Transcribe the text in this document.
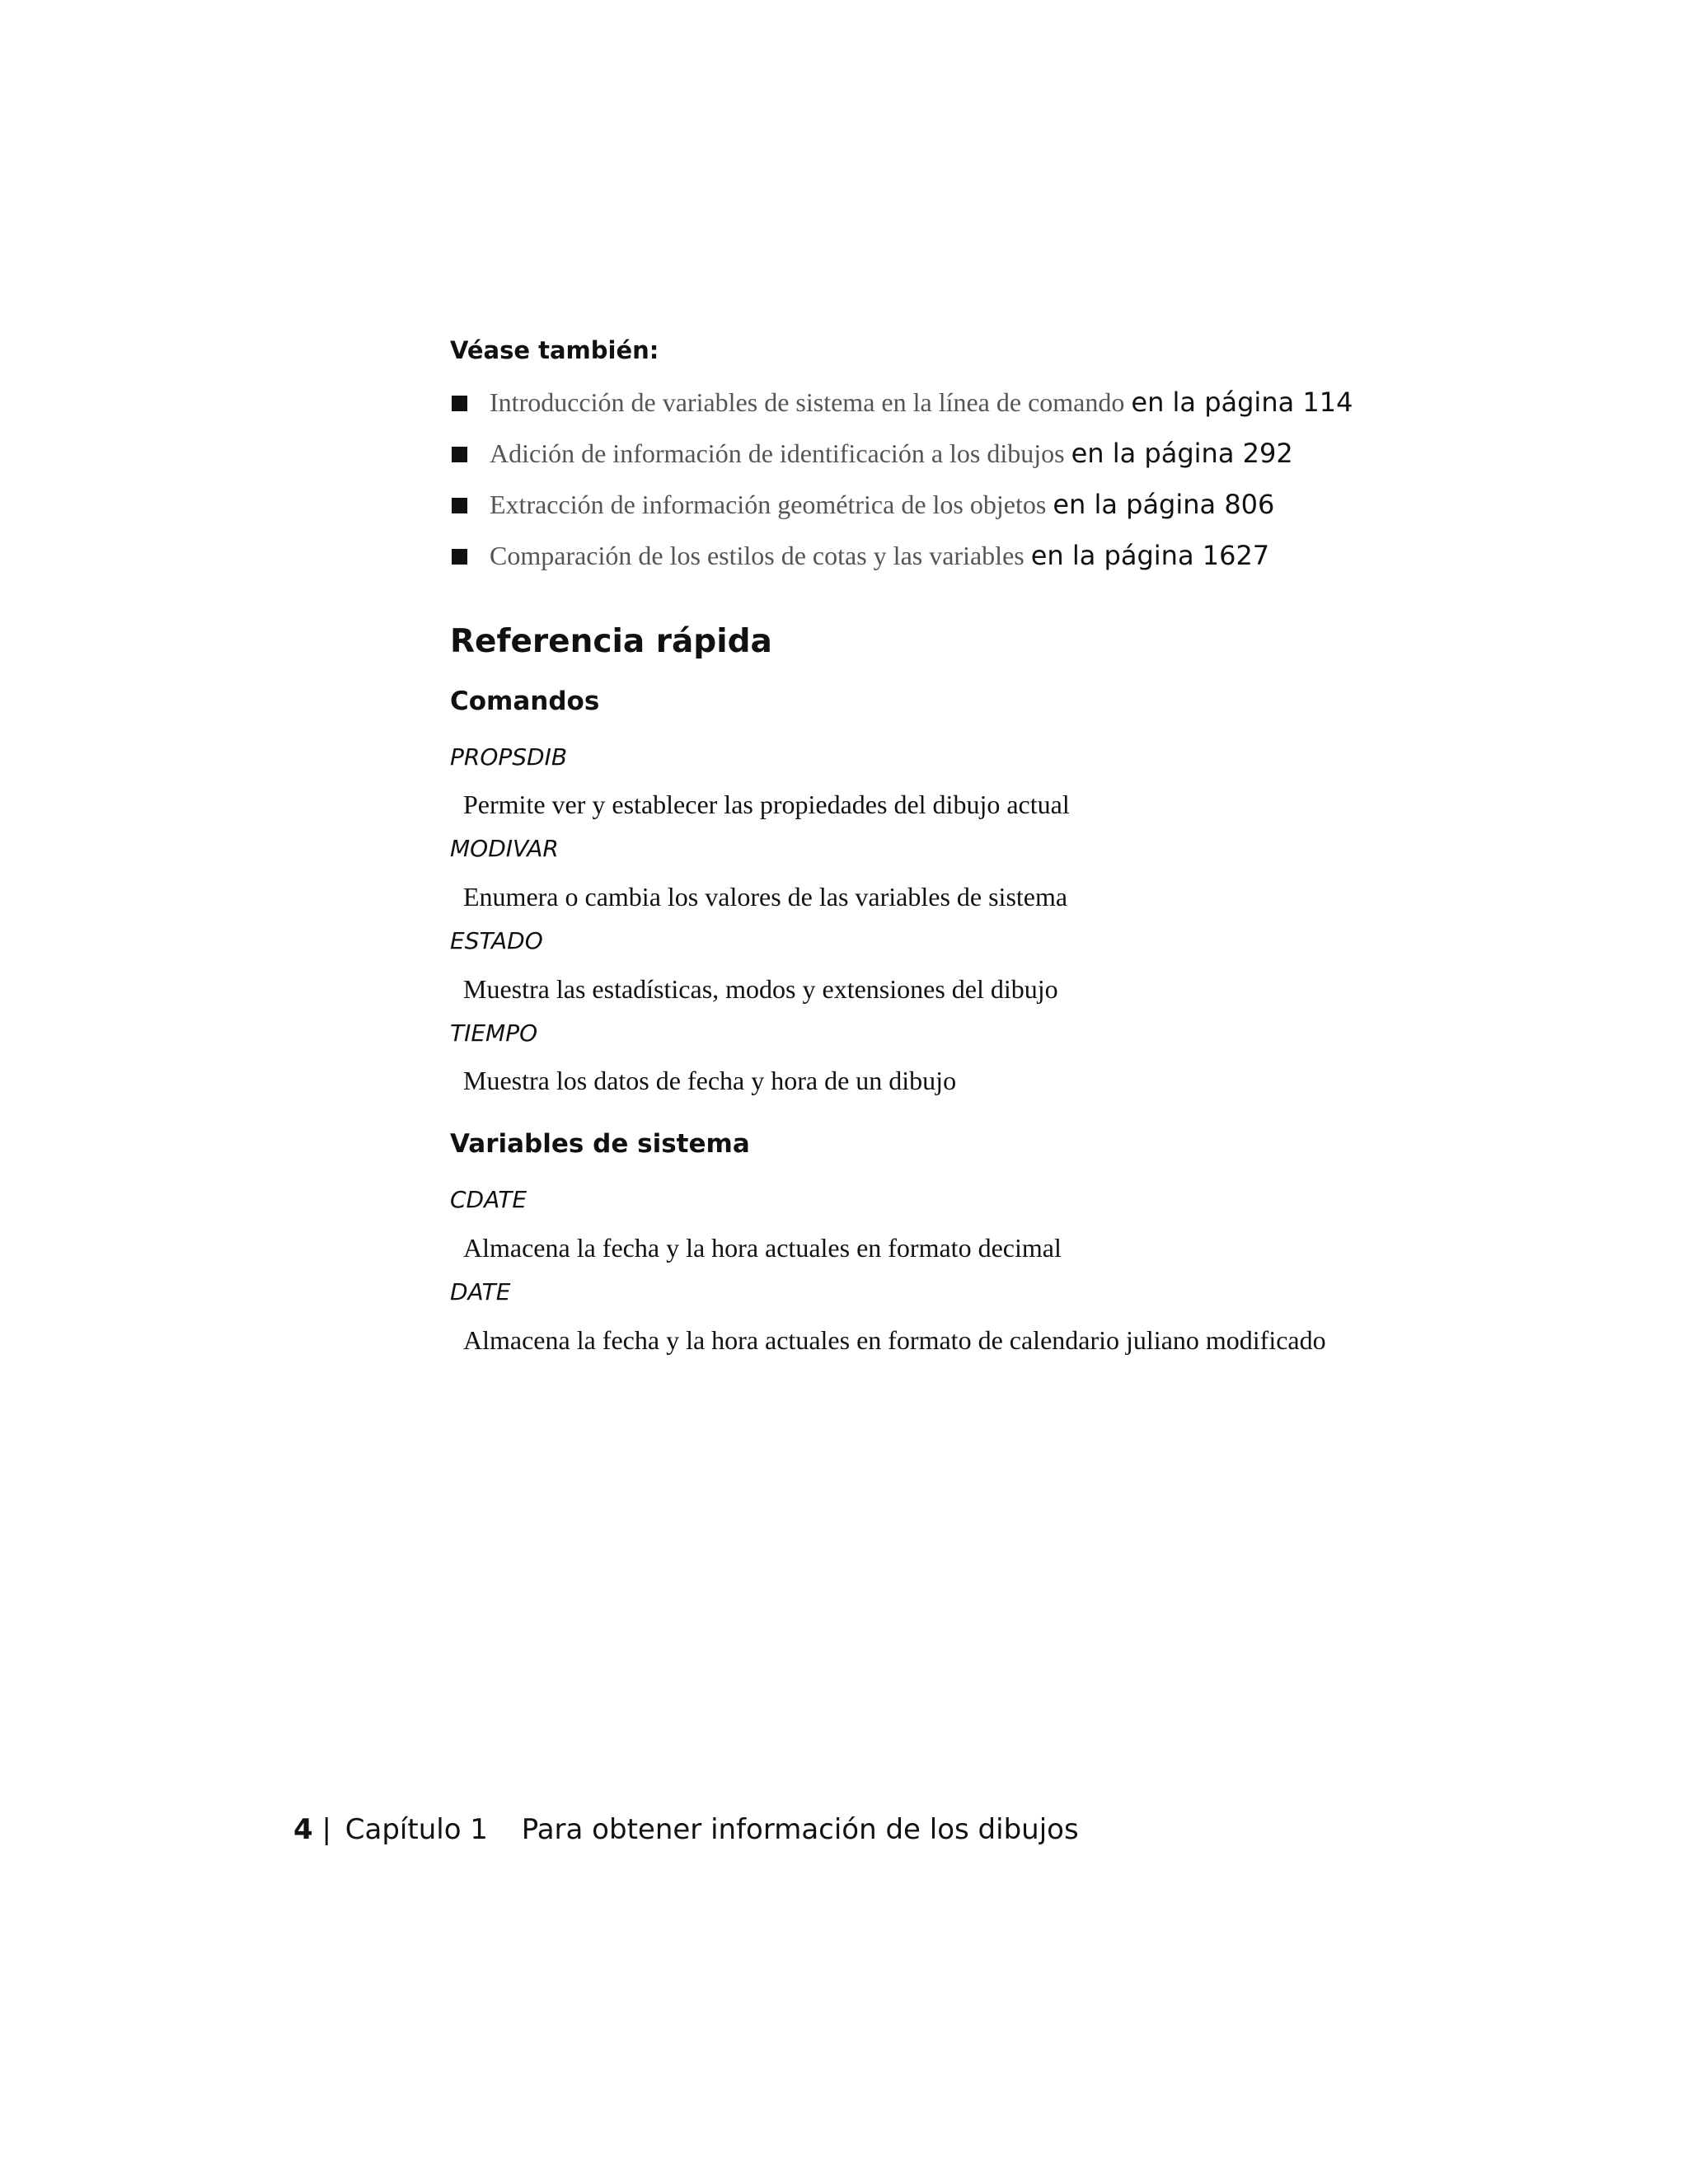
Véase también:
Introducción de variables de sistema en la línea de comando en la página 114
Adición de información de identificación a los dibujos en la página 292
Extracción de información geométrica de los objetos en la página 806
Comparación de los estilos de cotas y las variables en la página 1627
Referencia rápida
Comandos
PROPSDIB
Permite ver y establecer las propiedades del dibujo actual
MODIVAR
Enumera o cambia los valores de las variables de sistema
ESTADO
Muestra las estadísticas, modos y extensiones del dibujo
TIEMPO
Muestra los datos de fecha y hora de un dibujo
Variables de sistema
CDATE
Almacena la fecha y la hora actuales en formato decimal
DATE
Almacena la fecha y la hora actuales en formato de calendario juliano modificado
4 | Capítulo 1 Para obtener información de los dibujos
